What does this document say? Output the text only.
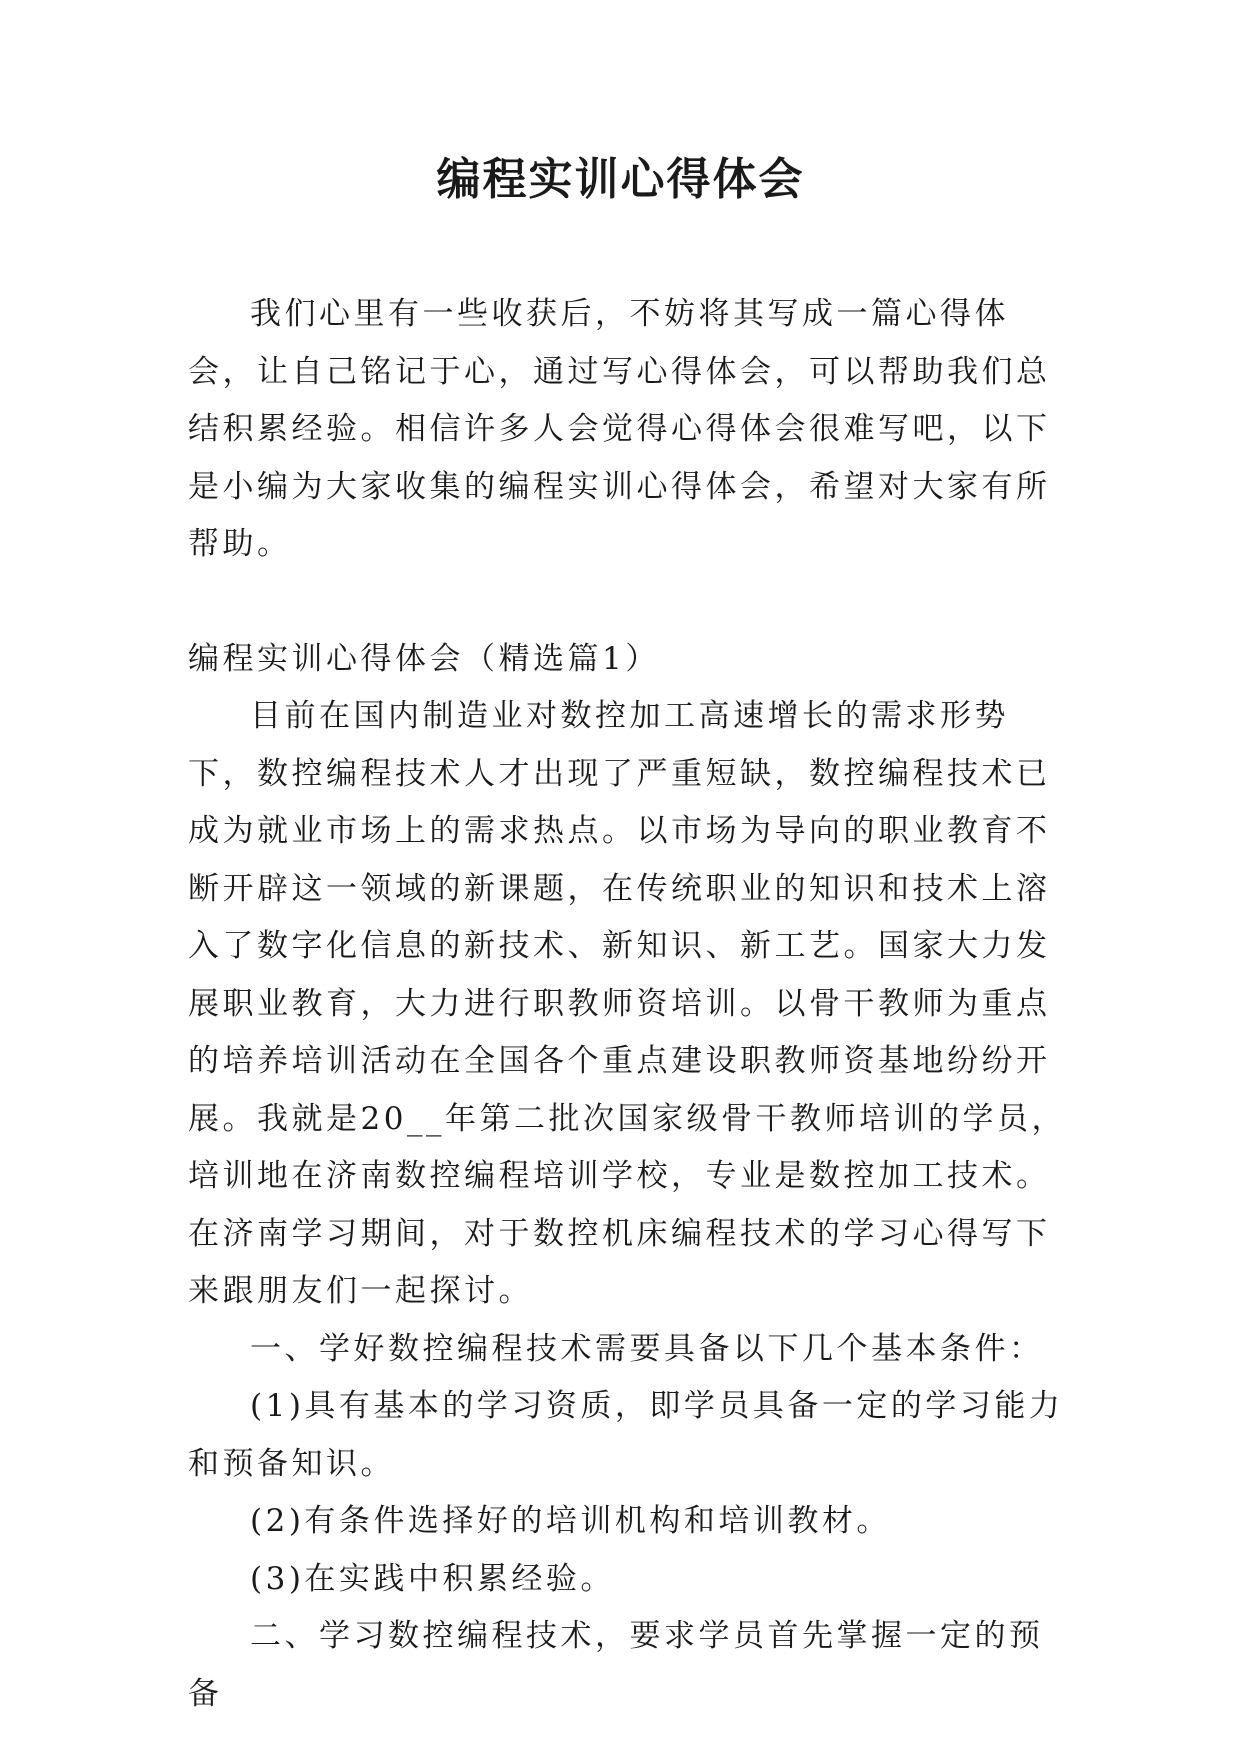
编程实训心得体会

我们心里有一些收获后，不妨将其写成一篇心得体会，让自己铭记于心，通过写心得体会，可以帮助我们总结积累经验。相信许多人会觉得心得体会很难写吧，以下是小编为大家收集的编程实训心得体会，希望对大家有所帮助。

编程实训心得体会（精选篇1）

目前在国内制造业对数控加工高速增长的需求形势下，数控编程技术人才出现了严重短缺，数控编程技术已成为就业市场上的需求热点。以市场为导向的职业教育不断开辟这一领域的新课题，在传统职业的知识和技术上溶入了数字化信息的新技术、新知识、新工艺。国家大力发展职业教育，大力进行职教师资培训。以骨干教师为重点的培养培训活动在全国各个重点建设职教师资基地纷纷开展。我就是20__年第二批次国家级骨干教师培训的学员，培训地在济南数控编程培训学校，专业是数控加工技术。在济南学习期间，对于数控机床编程技术的学习心得写下来跟朋友们一起探讨。

一、学好数控编程技术需要具备以下几个基本条件：

(1)具有基本的学习资质，即学员具备一定的学习能力和预备知识。

(2)有条件选择好的培训机构和培训教材。

(3)在实践中积累经验。

二、学习数控编程技术，要求学员首先掌握一定的预备
